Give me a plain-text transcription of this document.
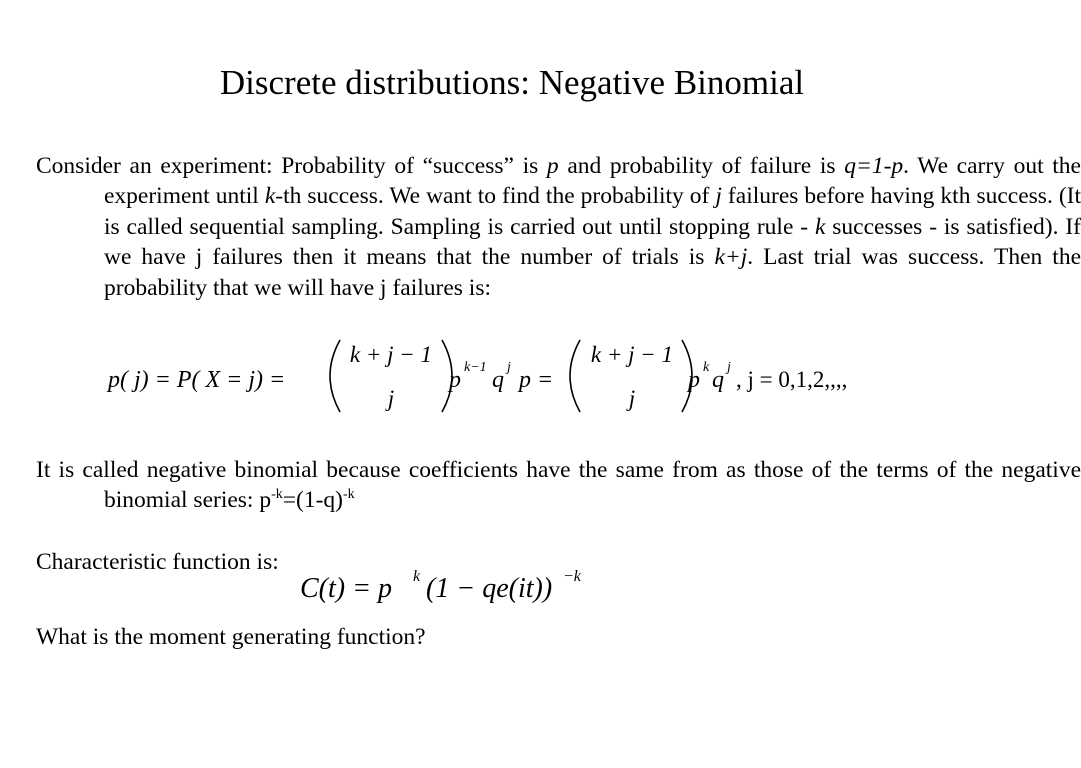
Discrete distributions: Negative Binomial
Consider an experiment: Probability of “success” is p and probability of failure is q=1-p. We carry out the experiment until k-th success. We want to find the probability of j failures before having kth success. (It is called sequential sampling. Sampling is carried out until stopping rule - k successes - is satisfied). If we have j failures then it means that the number of trials is k+j. Last trial was success. Then the probability that we will have j failures is:
p( j) = P( X = j) =
k + j − 1
j
p k−1 q j p =
k + j − 1
j
p k q j , j = 0,1,2,,,,
It is called negative binomial because coefficients have the same from as those of the terms of the negative binomial series: $p^{-k}=(1-q)^{-k}$
Characteristic function is:
C(t) = p k (1 − qe(it)) −k
What is the moment generating function?
